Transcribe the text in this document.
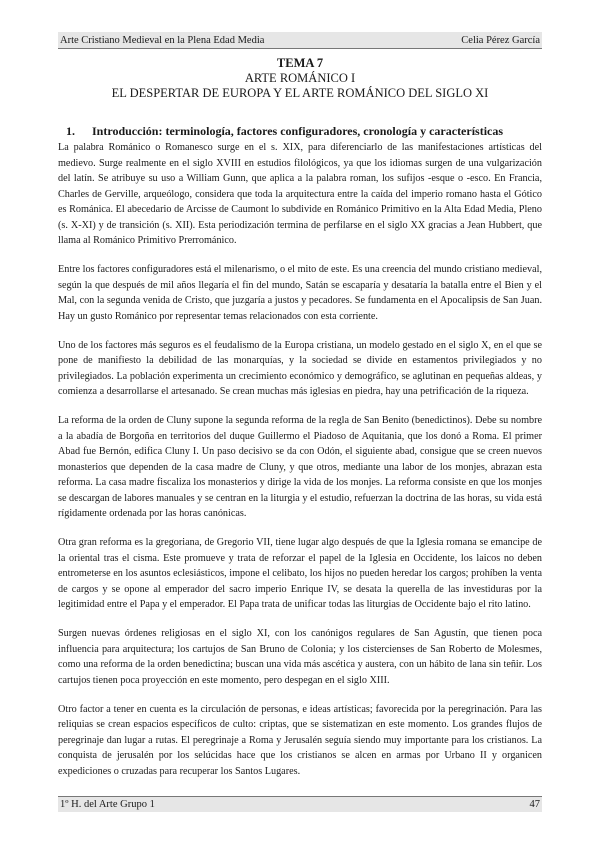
Arte Cristiano Medieval en la Plena Edad Media	Celia Pérez García
TEMA 7
ARTE ROMÁNICO I
EL DESPERTAR DE EUROPA Y EL ARTE ROMÁNICO DEL SIGLO XI
1. Introducción: terminología, factores configuradores, cronología y características

La palabra Románico o Romanesco surge en el s. XIX, para diferenciarlo de las manifestaciones artísticas del medievo. Surge realmente en el siglo XVIII en estudios filológicos, ya que los idiomas surgen de una vulgarización del latín. Se atribuye su uso a William Gunn, que aplica a la palabra roman, los sufijos -esque o -esco. En Francia, Charles de Gerville, arqueólogo, considera que toda la arquitectura entre la caída del imperio romano hasta el Gótico es Románica. El abecedario de Arcisse de Caumont lo subdivide en Románico Primitivo en la Alta Edad Media, Pleno (s. X-XI) y de transición (s. XII). Esta periodización termina de perfilarse en el siglo XX gracias a Jean Hubbert, que llama al Románico Primitivo Prerrománico.

Entre los factores configuradores está el milenarismo, o el mito de este. Es una creencia del mundo cristiano medieval, según la que después de mil años llegaría el fin del mundo, Satán se escaparía y desataría la batalla entre el Bien y el Mal, con la segunda venida de Cristo, que juzgaría a justos y pecadores. Se fundamenta en el Apocalipsis de San Juan. Hay un gusto Románico por representar temas relacionados con esta corriente.

Uno de los factores más seguros es el feudalismo de la Europa cristiana, un modelo gestado en el siglo X, en el que se pone de manifiesto la debilidad de las monarquías, y la sociedad se divide en estamentos privilegiados y no privilegiados. La población experimenta un crecimiento económico y demográfico, se aglutinan en pequeñas aldeas, y comienza a desarrollarse el artesanado. Se crean muchas más iglesias en piedra, hay una petrificación de la riqueza.

La reforma de la orden de Cluny supone la segunda reforma de la regla de San Benito (benedictinos). Debe su nombre a la abadía de Borgoña en territorios del duque Guillermo el Piadoso de Aquitania, que los donó a Roma. El primer Abad fue Bernón, edifica Cluny I. Un paso decisivo se da con Odón, el siguiente abad, consigue que se creen nuevos monasterios que dependen de la casa madre de Cluny, y que otros, mediante una labor de los monjes, abrazan esta reforma. La casa madre fiscaliza los monasterios y dirige la vida de los monjes. La reforma consiste en que los monjes se descargan de labores manuales y se centran en la liturgia y el estudio, refuerzan la doctrina de las horas, su vida está rígidamente ordenada por las horas canónicas.

Otra gran reforma es la gregoriana, de Gregorio VII, tiene lugar algo después de que la Iglesia romana se emancipe de la oriental tras el cisma. Este promueve y trata de reforzar el papel de la Iglesia en Occidente, los laicos no deben entrometerse en los asuntos eclesiásticos, impone el celibato, los hijos no pueden heredar los cargos; prohíben la venta de cargos y se opone al emperador del sacro imperio Enrique IV, se desata la querella de las investiduras por la legitimidad entre el Papa y el emperador. El Papa trata de unificar todas las liturgias de Occidente bajo el rito latino.

Surgen nuevas órdenes religiosas en el siglo XI, con los canónigos regulares de San Agustín, que tienen poca influencia para arquitectura; los cartujos de San Bruno de Colonia; y los cistercienses de San Roberto de Molesmes, como una reforma de la orden benedictina; buscan una vida más ascética y austera, con un hábito de lana sin teñir. Los cartujos tienen poca proyección en este momento, pero despegan en el siglo XIII.

Otro factor a tener en cuenta es la circulación de personas, e ideas artísticas; favorecida por la peregrinación. Para las reliquias se crean espacios específicos de culto: criptas, que se sistematizan en este momento. Los grandes flujos de peregrinaje dan lugar a rutas. El peregrinaje a Roma y Jerusalén seguía siendo muy importante para los cristianos. La conquista de jerusalén por los selúcidas hace que los cristianos se alcen en armas por Urbano II y organicen expediciones o cruzadas para recuperar los Santos Lugares.

1º H. del Arte Grupo 1	47
